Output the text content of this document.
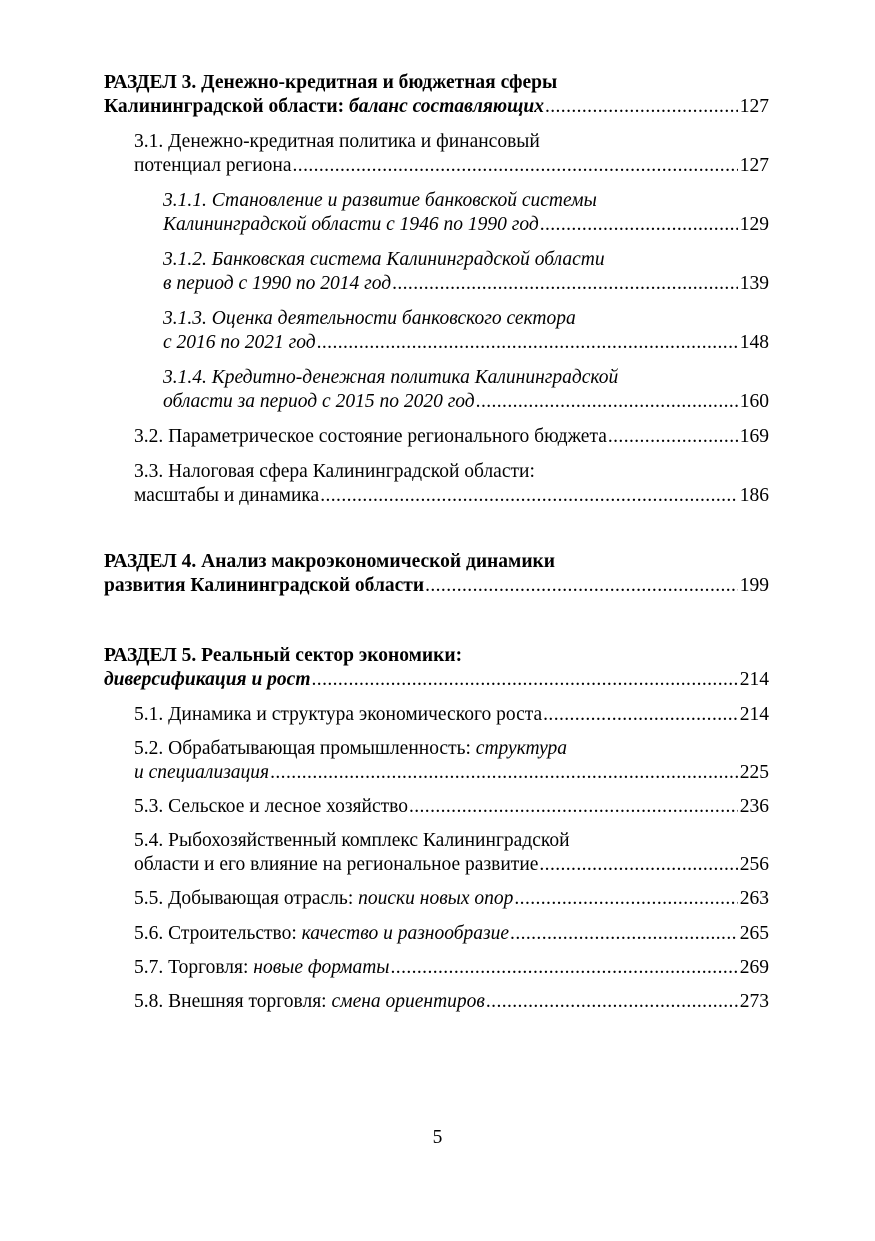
РАЗДЕЛ 3. Денежно-кредитная и бюджетная сферы
Калининградской области: баланс составляющих .....	127
3.1. Денежно-кредитная политика и финансовый
потенциал региона .....	127
3.1.1. Становление и развитие банковской системы
Калининградской области с 1946 по 1990 год .....	129
3.1.2. Банковская система Калининградской области
в период с 1990 по 2014 год .....	139
3.1.3. Оценка деятельности банковского сектора
с 2016 по 2021 год .....	148
3.1.4. Кредитно-денежная политика Калининградской
области за период с 2015 по 2020 год .....	160
3.2. Параметрическое состояние регионального бюджета .....	169
3.3. Налоговая сфера Калининградской области:
масштабы и динамика .....	186
РАЗДЕЛ 4. Анализ макроэкономической динамики
развития Калининградской области .....	199
РАЗДЕЛ 5. Реальный сектор экономики:
диверсификация и рост .....	214
5.1. Динамика и структура экономического роста .....	214
5.2. Обрабатывающая промышленность: структура
и специализация .....	225
5.3. Сельское и лесное хозяйство .....	236
5.4. Рыбохозяйственный комплекс Калининградской
области и его влияние на региональное развитие .....	256
5.5. Добывающая отрасль: поиски новых опор .....	263
5.6. Строительство: качество и разнообразие .....	265
5.7. Торговля: новые форматы .....	269
5.8. Внешняя торговля: смена ориентиров .....	273
5
